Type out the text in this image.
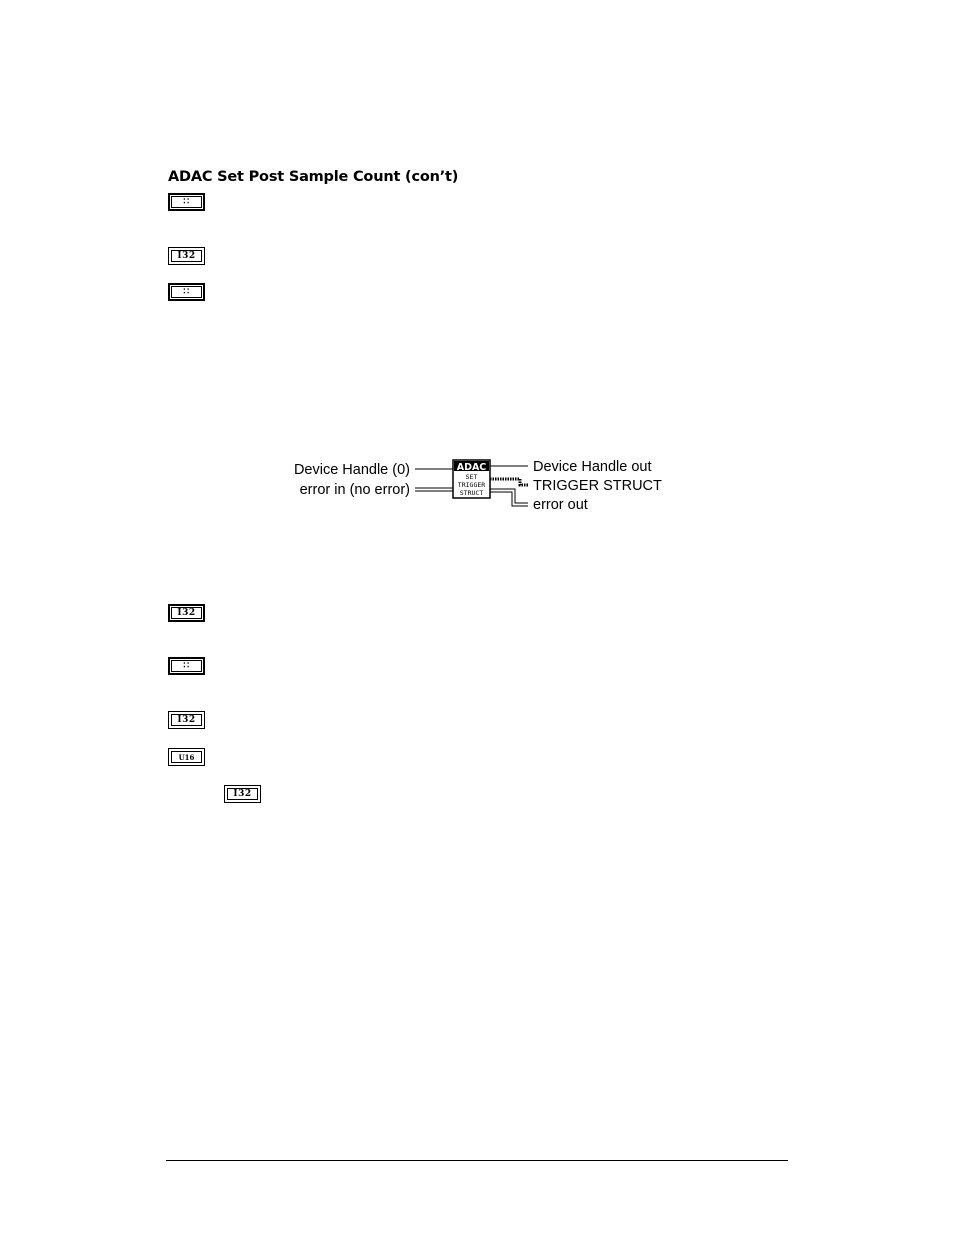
ADAC Set Post Sample Count (con’t)
∷
I32
∷
Device Handle (0)
error in (no error)
ADAC
SET
TRIGGER
STRUCT
Device Handle out
TRIGGER STRUCT
error out
I32
∷
I32
U16
I32
